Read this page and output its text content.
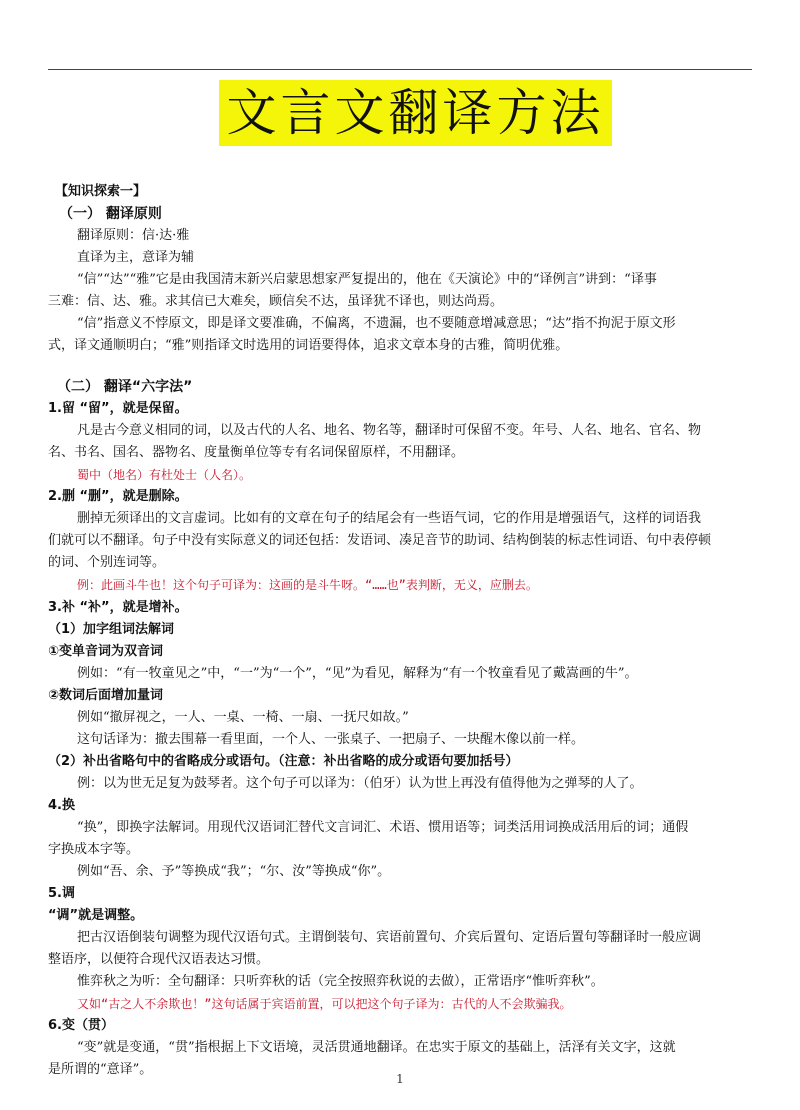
文言文翻译方法
【知识探索一】
（一） 翻译原则
翻译原则：信·达·雅
直译为主，意译为辅
“信”“达”“雅”它是由我国清末新兴启蒙思想家严复提出的，他在《天演论》中的“译例言”讲到：“译事
三难：信、达、雅。求其信已大难矣，顾信矣不达，虽译犹不译也，则达尚焉。
“信”指意义不悖原文，即是译文要准确，不偏离，不遗漏，也不要随意增减意思；“达”指不拘泥于原文形
式，译文通顺明白；“雅”则指译文时选用的词语要得体，追求文章本身的古雅，简明优雅。
（二） 翻译“六字法”
1.留 “留”，就是保留。
凡是古今意义相同的词，以及古代的人名、地名、物名等，翻译时可保留不变。年号、人名、地名、官名、物
名、书名、国名、器物名、度量衡单位等专有名词保留原样，不用翻译。
蜀中（地名）有杜处士（人名）。
2.删 “删”，就是删除。
删掉无须译出的文言虚词。比如有的文章在句子的结尾会有一些语气词，它的作用是增强语气，这样的词语我
们就可以不翻译。句子中没有实际意义的词还包括：发语词、凑足音节的助词、结构倒装的标志性词语、句中表停顿
的词、个别连词等。
例：此画斗牛也！这个句子可译为：这画的是斗牛呀。“……也”表判断，无义，应删去。
3.补 “补”，就是增补。
（1）加字组词法解词
①变单音词为双音词
例如：“有一牧童见之”中，“一”为“一个”，“见”为看见，解释为“有一个牧童看见了戴嵩画的牛”。
②数词后面增加量词
例如“撤屏视之，一人、一桌、一椅、一扇、一抚尺如故。”
这句话译为：撤去围幕一看里面，一个人、一张桌子、一把扇子、一块醒木像以前一样。
（2）补出省略句中的省略成分或语句。（注意：补出省略的成分或语句要加括号）
例：以为世无足复为鼓琴者。这个句子可以译为：（伯牙）认为世上再没有值得他为之弹琴的人了。
4.换
“换”，即换字法解词。用现代汉语词汇替代文言词汇、术语、惯用语等；词类活用词换成活用后的词；通假
字换成本字等。
例如“吾、余、予”等换成“我”；“尔、汝”等换成“你”。
5.调
“调”就是调整。
把古汉语倒装句调整为现代汉语句式。主谓倒装句、宾语前置句、介宾后置句、定语后置句等翻译时一般应调
整语序，以便符合现代汉语表达习惯。
惟弈秋之为听：全句翻译：只听弈秋的话（完全按照弈秋说的去做），正常语序“惟听弈秋”。
又如“古之人不余欺也！”这句话属于宾语前置，可以把这个句子译为：古代的人不会欺骗我。
6.变（贯）
“变”就是变通，“贯”指根据上下文语境，灵活贯通地翻译。在忠实于原文的基础上，活泽有关文字，这就
是所谓的“意译”。
1
